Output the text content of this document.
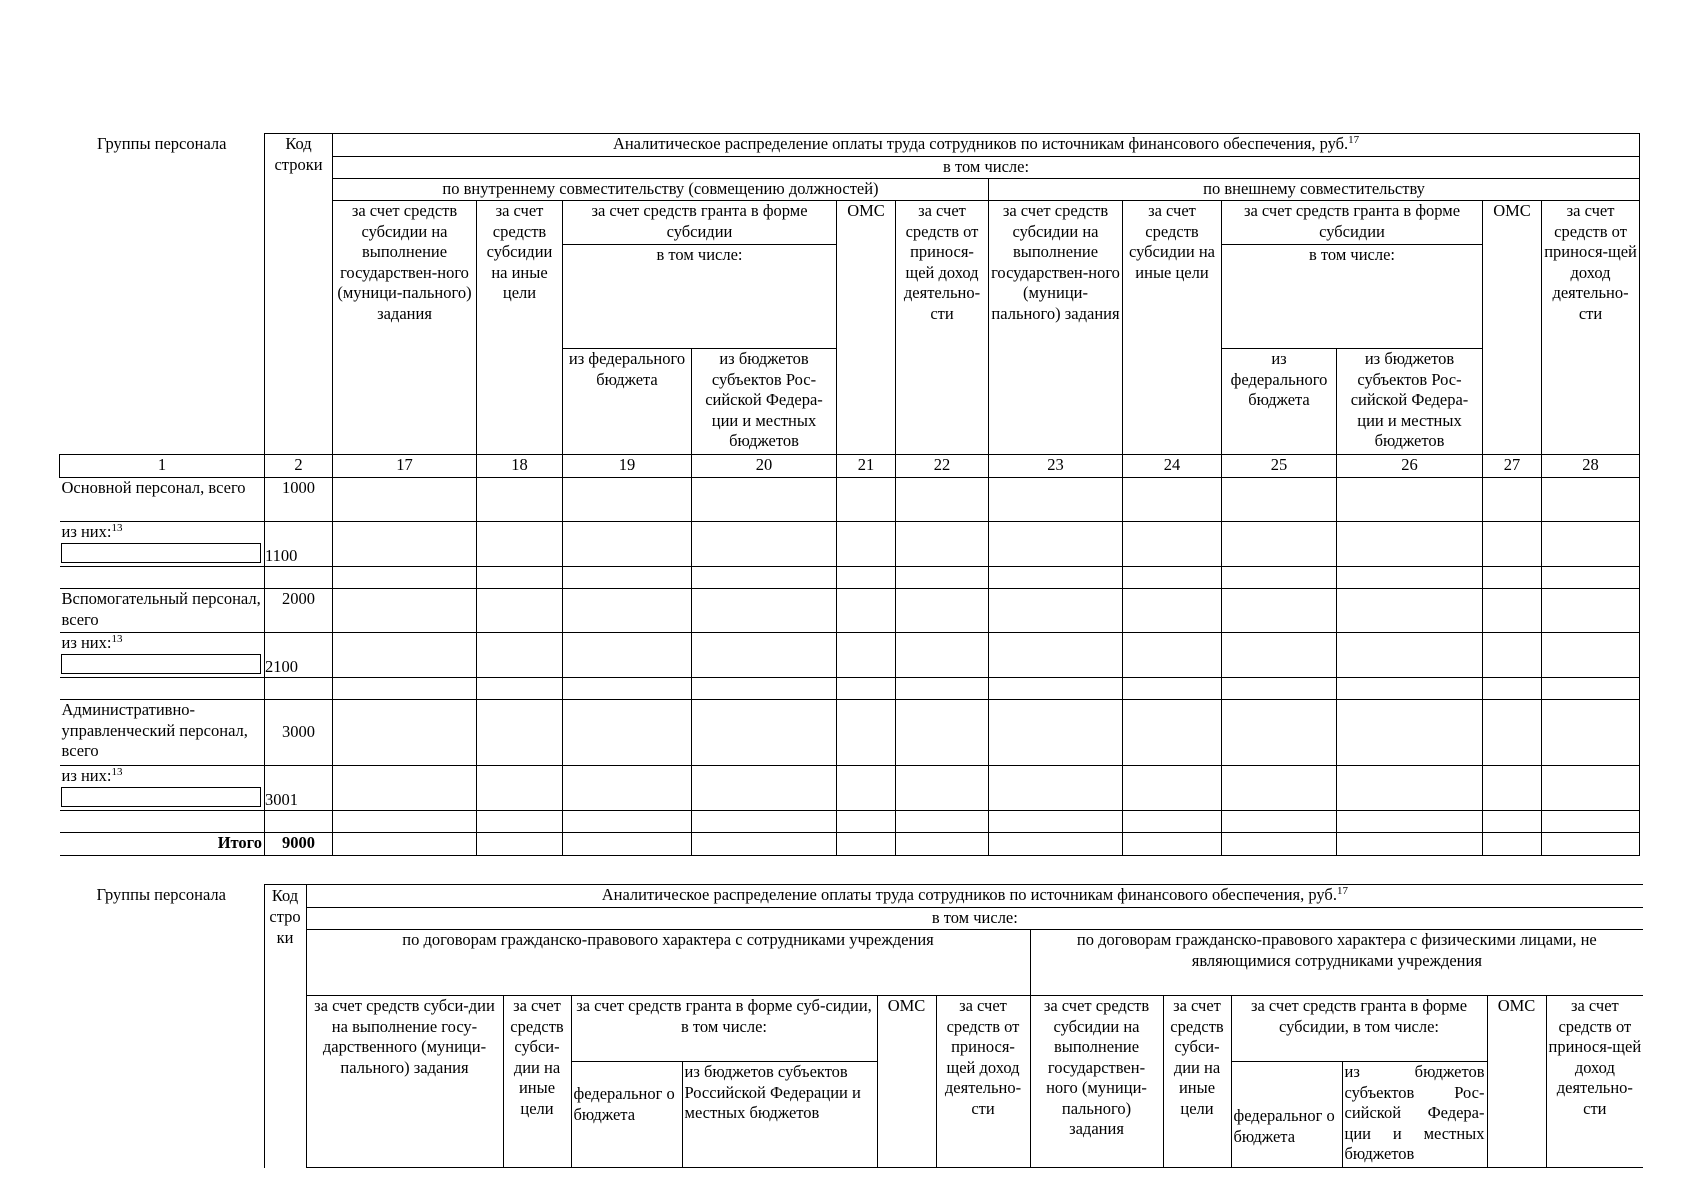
Группы персонала	Код строки	Аналитическое распределение оплаты труда сотрудников по источникам финансового обеспечения, руб.$^{17}$
		в том числе:											
		по внутреннему совместительству (совмещению должностей)						по внешнему совместительству					
		за счет средств субсидии на выполнение государствен-ного (муници-пального) задания	за счет средств субсидии на иные цели	за счет средств гранта в форме субсидии		ОМС	за счет средств от принося-щей доход деятельно-сти	за счет средств субсидии на выполнение государствен-ного (муници-пального) задания	за счет средств субсидии на иные цели	за счет средств гранта в форме субсидии		ОМС	за счет средств от принося-щей доход деятельно-сти
				в том числе:						в том числе:			
				из федерального бюджета	из бюджетов субъектов Рос-сийской Федера-ции и местных бюджетов					из федерального бюджета	из бюджетов субъектов Рос-сийской Федера-ции и местных бюджетов		
1	2	17	18	19	20	21	22	23	24	25	26	27	28
Основной персонал, всего	1000												
из них:$^{13}$	1100												

Вспомогательный персонал, всего	2000												
из них:$^{13}$	2100												

Административно-управленческий персонал, всего	3000												
из них:$^{13}$	3001												

Итого	9000												
Группы персонала	Код
стро
ки	Аналитическое распределение оплаты труда сотрудников по источникам финансового обеспечения, руб.$^{17}$
		в том числе:											
		по договорам гражданско-правового характера с сотрудниками учреждения						по договорам гражданско-правового характера с физическими лицами, не являющимися сотрудниками учреждения					
		за счет средств субси-дии на выполнение госу-дарственного (муници-пального) задания	за счет средств субси-дии на иные цели	за счет средств гранта в форме суб-сидии, в том числе:		ОМС	за счет средств от принося-щей доход деятельно-сти	за счет средств субсидии на выполнение государствен-ного (муници-пального) задания	за счет средств субси-дии на иные цели	за счет средств гранта в форме субсидии, в том числе:		ОМС	за счет средств от принося-щей доход деятельно-сти
				федеральног о бюджета	из бюджетов субъектов Российской Федерации и местных бюджетов					федеральног о бюджета	из бюджетов субъектов Рос-сийской Федера-ции и местных бюджетов		
